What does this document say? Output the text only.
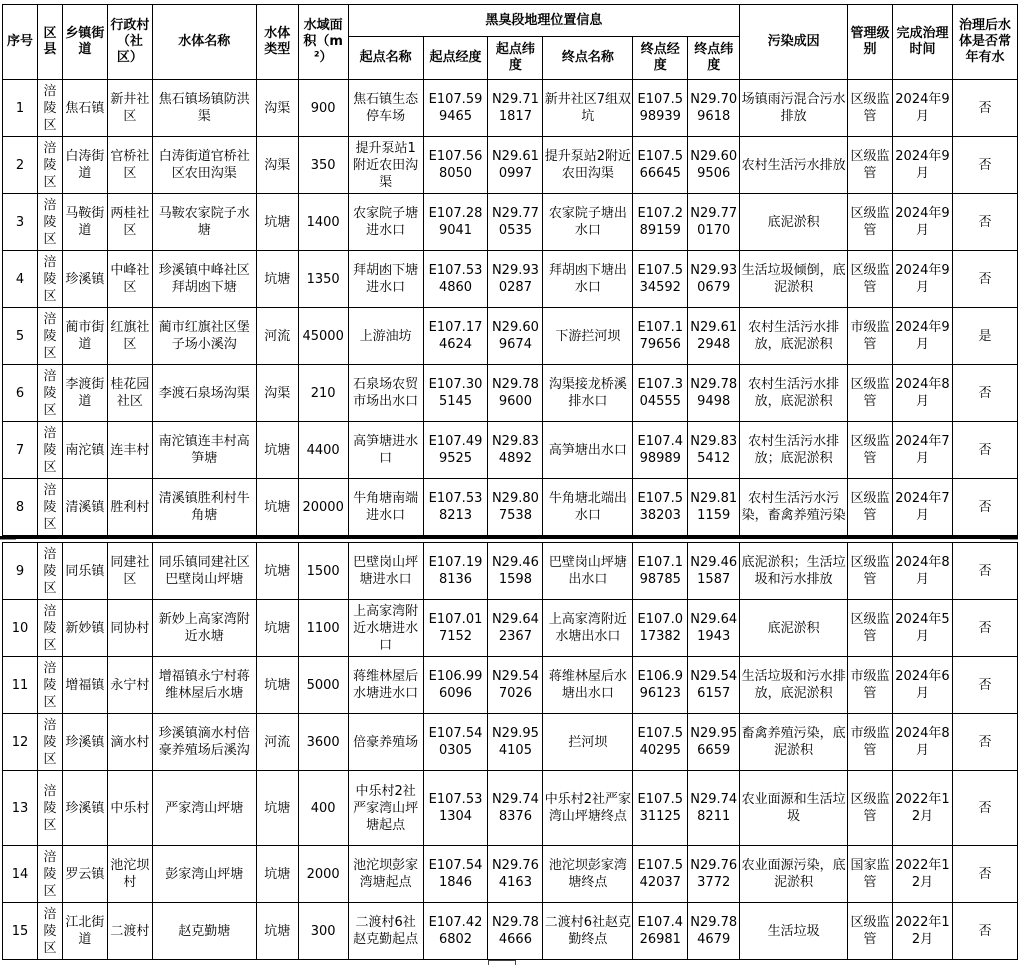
序号	区县	乡镇街道	行政村（社区）	水体名称	水体类型	水域面积（m²）	黑臭段地理位置信息						污染成因	管理级别	完成治理时间	治理后水体是否常年有水
							起点名称	起点经度	起点纬度	终点名称	终点经度	终点纬度				
1	涪陵区	焦石镇	新井社区	焦石镇场镇防洪渠	沟渠	900	焦石镇生态停车场	E107.599465	N29.711817	新井社区7组双坑	E107.598939	N29.709618	场镇雨污混合污水排放	区级监管	2024年9月	否
2	涪陵区	白涛街道	官桥社区	白涛街道官桥社区农田沟渠	沟渠	350	提升泵站1附近农田沟渠	E107.568050	N29.610997	提升泵站2附近农田沟渠	E107.566645	N29.609506	农村生活污水排放	区级监管	2024年9月	否
3	涪陵区	马鞍街道	两桂社区	马鞍农家院子水塘	坑塘	1400	农家院子塘进水口	E107.289041	N29.770535	农家院子塘出水口	E107.289159	N29.770170	底泥淤积	区级监管	2024年9月	否
4	涪陵区	珍溪镇	中峰社区	珍溪镇中峰社区拜胡凼下塘	坑塘	1350	拜胡凼下塘进水口	E107.534860	N29.930287	拜胡凼下塘出水口	E107.534592	N29.930679	生活垃圾倾倒，底泥淤积	区级监管	2024年9月	否
5	涪陵区	蔺市街道	红旗社区	蔺市红旗社区堡子场小溪沟	河流	45000	上游油坊	E107.174624	N29.609674	下游拦河坝	E107.179656	N29.612948	农村生活污水排放，底泥淤积	市级监管	2024年9月	是
6	涪陵区	李渡街道	桂花园社区	李渡石泉场沟渠	沟渠	210	石泉场农贸市场出水口	E107.305145	N29.789600	沟渠接龙桥溪排水口	E107.304555	N29.789498	农村生活污水排放，底泥淤积	区级监管	2024年8月	否
7	涪陵区	南沱镇	连丰村	南沱镇连丰村高笋塘	坑塘	4400	高笋塘进水口	E107.499525	N29.834892	高笋塘出水口	E107.498989	N29.835412	农村生活污水排放；底泥淤积	区级监管	2024年7月	否
8	涪陵区	清溪镇	胜利村	清溪镇胜利村牛角塘	坑塘	20000	牛角塘南端进水口	E107.538213	N29.807538	牛角塘北端出水口	E107.538203	N29.811159	农村生活污水污染，畜禽养殖污染	区级监管	2024年7月	否
9	涪陵区	同乐镇	同建社区	同乐镇同建社区巴壁岗山坪塘	坑塘	1500	巴壁岗山坪塘进水口	E107.198136	N29.461598	巴壁岗山坪塘出水口	E107.198785	N29.461587	底泥淤积；生活垃圾和污水排放	区级监管	2024年8月	否
10	涪陵区	新妙镇	同协村	新妙上高家湾附近水塘	坑塘	1100	上高家湾附近水塘进水口	E107.017152	N29.642367	上高家湾附近水塘出水口	E107.017382	N29.641943	底泥淤积	区级监管	2024年5月	否
11	涪陵区	增福镇	永宁村	增福镇永宁村蒋维林屋后水塘	坑塘	5000	蒋维林屋后水塘进水口	E106.996096	N29.547026	蒋维林屋后水塘出水口	E106.996123	N29.546157	生活垃圾和污水排放，底泥淤积	市级监管	2024年6月	否
12	涪陵区	珍溪镇	滴水村	珍溪镇滴水村倍豪养殖场后溪沟	河流	3600	倍豪养殖场	E107.540305	N29.954105	拦河坝	E107.540295	N29.956659	畜禽养殖污染，底泥淤积	市级监管	2024年8月	否
13	涪陵区	珍溪镇	中乐村	严家湾山坪塘	坑塘	400	中乐村2社严家湾山坪塘起点	E107.531304	N29.748376	中乐村2社严家湾山坪塘终点	E107.531125	N29.748211	农业面源和生活垃圾	区级监管	2022年12月	否
14	涪陵区	罗云镇	池沱坝村	彭家湾山坪塘	坑塘	2000	池沱坝彭家湾塘起点	E107.541846	N29.764163	池沱坝彭家湾塘终点	E107.542037	N29.763772	农业面源污染，底泥淤积	国家监管	2022年12月	否
15	涪陵区	江北街道	二渡村	赵克勤塘	坑塘	300	二渡村6社赵克勤起点	E107.426802	N29.784666	二渡村6社赵克勤终点	E107.426981	N29.784679	生活垃圾	区级监管	2022年12月	否
